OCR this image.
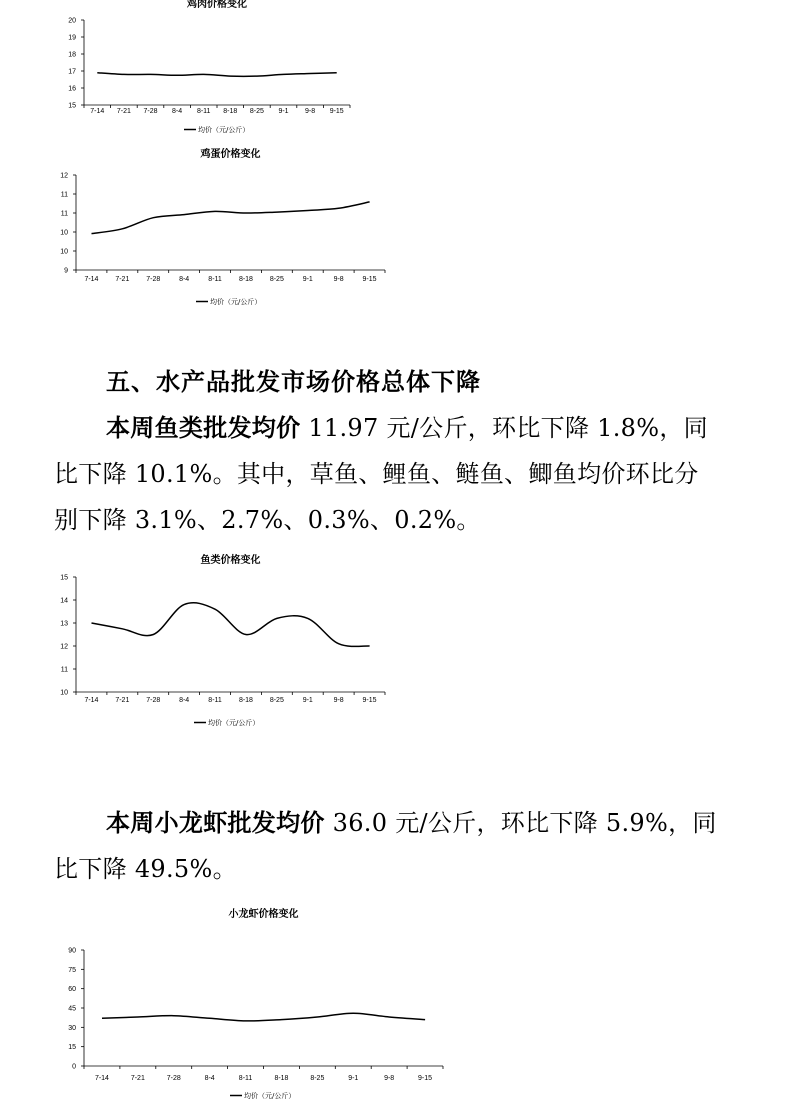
鸡肉价格变化
15
16
17
18
19
20
7-14 7-21 7-28 8-4 8-11 8-18 8-25 9-1 9-8 9-15
均价（元/公斤）
鸡蛋价格变化
9
10
10
11
11
12
7-14 7-21 7-28	8-4	8-11 8-18 8-25	9-1	9-8	9-15
均价（元/公斤）
五、水产品批发市场价格总体下降

本周鱼类批发均价 11.97 元/公斤，环比下降 1.8%，同
比下降 10.1%。其中，草鱼、鲤鱼、鲢鱼、鲫鱼均价环比分
别下降 3.1%、2.7%、0.3%、0.2%。

鱼类价格变化
10
11
12
13
14
15
7-14 7-21 7-28	8-4	8-11 8-18 8-25	9-1	9-8	9-15
均价（元/公斤）

本周小龙虾批发均价 36.0 元/公斤，环比下降 5.9%，同
比下降 49.5%。

小龙虾价格变化
0
15
30
45
60
75
90
7-14	7-21	7-28	8-4	8-11	8-18	8-25	9-1	9-8	9-15
均价（元/公斤）
